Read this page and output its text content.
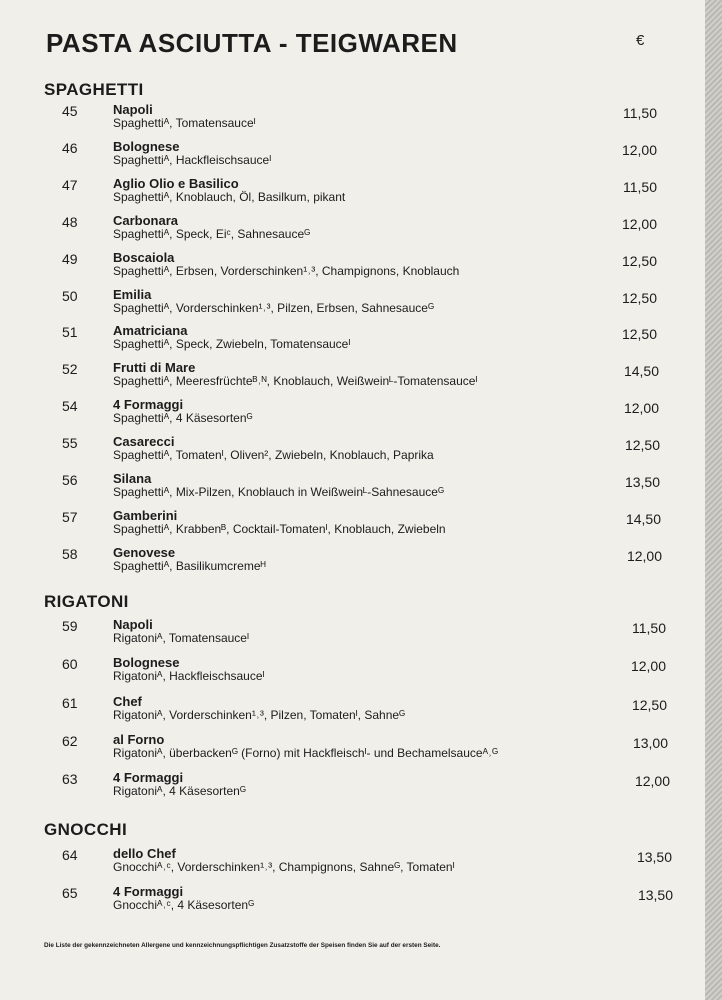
PASTA ASCIUTTA - TEIGWAREN	€
SPAGHETTI
45	Napoli
Spaghettiᴬ, Tomatensauceᴵ
11,50
46	Bolognese
Spaghettiᴬ, Hackfleischsauceᴵ
12,00
47	Aglio Olio e Basilico
Spaghettiᴬ, Knoblauch, Öl, Basilkum, pikant
11,50
48	Carbonara
Spaghettiᴬ, Speck, Eiᶜ, Sahnesauceᴳ
12,00
49	Boscaiola
Spaghettiᴬ, Erbsen, Vorderschinken¹˒³, Champignons, Knoblauch
12,50
50	Emilia
Spaghettiᴬ, Vorderschinken¹˒³, Pilzen, Erbsen, Sahnesauceᴳ
12,50
51	Amatriciana
Spaghettiᴬ, Speck, Zwiebeln, Tomatensauceᴵ
12,50
52	Frutti di Mare
Spaghettiᴬ, Meeresfrüchteᴮ˒ᴺ, Knoblauch, Weißweinᴸ-Tomatensauceᴵ
14,50
54	4 Formaggi
Spaghettiᴬ, 4 Käsesortenᴳ
12,00
55	Casarecci
Spaghettiᴬ, Tomatenᴵ, Oliven², Zwiebeln, Knoblauch, Paprika
12,50
56	Silana
Spaghettiᴬ, Mix-Pilzen, Knoblauch in Weißweinᴸ-Sahnesauceᴳ
13,50
57	Gamberini
Spaghettiᴬ, Krabbenᴮ, Cocktail-Tomatenᴵ, Knoblauch, Zwiebeln
14,50
58	Genovese
Spaghettiᴬ, Basilikumcremeᴴ
12,00
RIGATONI
59	Napoli
Rigatoniᴬ, Tomatensauceᴵ
11,50
60	Bolognese
Rigatoniᴬ, Hackfleischsauceᴵ
12,00
61	Chef
Rigatoniᴬ, Vorderschinken¹˒³, Pilzen, Tomatenᴵ, Sahneᴳ
12,50
62	al Forno
Rigatoniᴬ, überbackenᴳ (Forno) mit Hackfleischᴵ- und Bechamelsauceᴬ˒ᴳ
13,00
63	4 Formaggi
Rigatoniᴬ, 4 Käsesortenᴳ
12,00
GNOCCHI
64	dello Chef
Gnocchiᴬ˒ᶜ, Vorderschinken¹˒³, Champignons, Sahneᴳ, Tomatenᴵ
13,50
65	4 Formaggi
Gnocchiᴬ˒ᶜ, 4 Käsesortenᴳ
13,50
Die Liste der gekennzeichneten Allergene und kennzeichnungspflichtigen Zusatzstoffe der Speisen finden Sie auf der ersten Seite.
